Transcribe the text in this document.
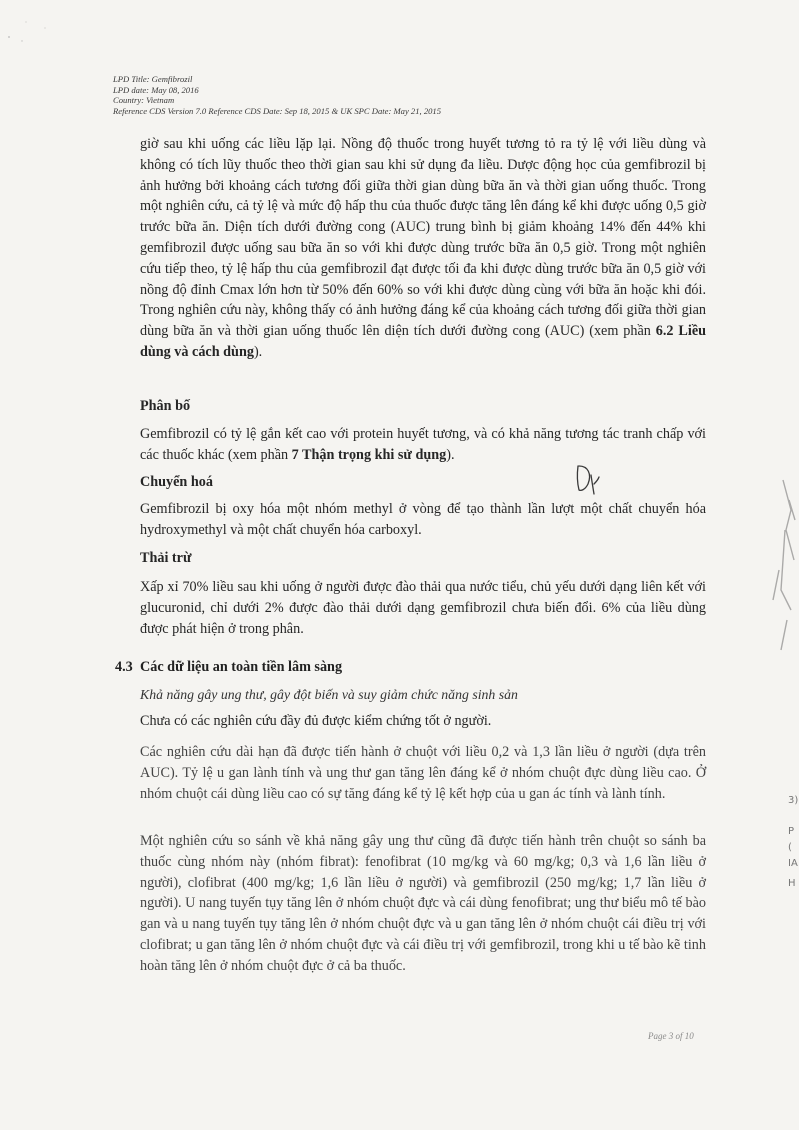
LPD Title: Gemfibrozil
LPD date: May 08, 2016
Country: Vietnam
Reference CDS Version 7.0 Reference CDS Date: Sep 18, 2015 & UK SPC Date: May 21, 2015
giờ sau khi uống các liều lặp lại. Nồng độ thuốc trong huyết tương tỏ ra tỷ lệ với liều dùng và không có tích lũy thuốc theo thời gian sau khi sử dụng đa liều. Dược động học của gemfibrozil bị ảnh hưởng bởi khoảng cách tương đối giữa thời gian dùng bữa ăn và thời gian uống thuốc. Trong một nghiên cứu, cả tỷ lệ và mức độ hấp thu của thuốc được tăng lên đáng kể khi được uống 0,5 giờ trước bữa ăn. Diện tích dưới đường cong (AUC) trung bình bị giảm khoảng 14% đến 44% khi gemfibrozil được uống sau bữa ăn so với khi được dùng trước bữa ăn 0,5 giờ. Trong một nghiên cứu tiếp theo, tỷ lệ hấp thu của gemfibrozil đạt được tối đa khi được dùng trước bữa ăn 0,5 giờ với nồng độ đỉnh Cmax lớn hơn từ 50% đến 60% so với khi được dùng cùng với bữa ăn hoặc khi đói. Trong nghiên cứu này, không thấy có ảnh hưởng đáng kể của khoảng cách tương đối giữa thời gian dùng bữa ăn và thời gian uống thuốc lên diện tích dưới đường cong (AUC) (xem phần 6.2 Liều dùng và cách dùng).
Phân bố
Gemfibrozil có tỷ lệ gắn kết cao với protein huyết tương, và có khả năng tương tác tranh chấp với các thuốc khác (xem phần 7 Thận trọng khi sử dụng).
Chuyển hoá
Gemfibrozil bị oxy hóa một nhóm methyl ở vòng để tạo thành lần lượt một chất chuyển hóa hydroxymethyl và một chất chuyển hóa carboxyl.
Thải trừ
Xấp xỉ 70% liều sau khi uống ở người được đào thải qua nước tiểu, chủ yếu dưới dạng liên kết với glucuronid, chỉ dưới 2% được đào thải dưới dạng gemfibrozil chưa biến đổi. 6% của liều dùng được phát hiện ở trong phân.
4.3 Các dữ liệu an toàn tiền lâm sàng
Khả năng gây ung thư, gây đột biến và suy giảm chức năng sinh sản
Chưa có các nghiên cứu đầy đủ được kiểm chứng tốt ở người.
Các nghiên cứu dài hạn đã được tiến hành ở chuột với liều 0,2 và 1,3 lần liều ở người (dựa trên AUC). Tỷ lệ u gan lành tính và ung thư gan tăng lên đáng kể ở nhóm chuột đực dùng liều cao. Ở nhóm chuột cái dùng liều cao có sự tăng đáng kể tỷ lệ kết hợp của u gan ác tính và lành tính.
Một nghiên cứu so sánh về khả năng gây ung thư cũng đã được tiến hành trên chuột so sánh ba thuốc cùng nhóm này (nhóm fibrat): fenofibrat (10 mg/kg và 60 mg/kg; 0,3 và 1,6 lần liều ở người), clofibrat (400 mg/kg; 1,6 lần liều ở người) và gemfibrozil (250 mg/kg; 1,7 lần liều ở người). U nang tuyến tụy tăng lên ở nhóm chuột đực và cái dùng fenofibrat; ung thư biểu mô tế bào gan và u nang tuyến tụy tăng lên ở nhóm chuột đực và u gan tăng lên ở nhóm chuột cái điều trị với clofibrat; u gan tăng lên ở nhóm chuột đực và cái điều trị với gemfibrozil, trong khi u tế bào kẽ tinh hoàn tăng lên ở nhóm chuột đực ở cả ba thuốc.
3)
P
(
IA
H
Page 3 of 10
